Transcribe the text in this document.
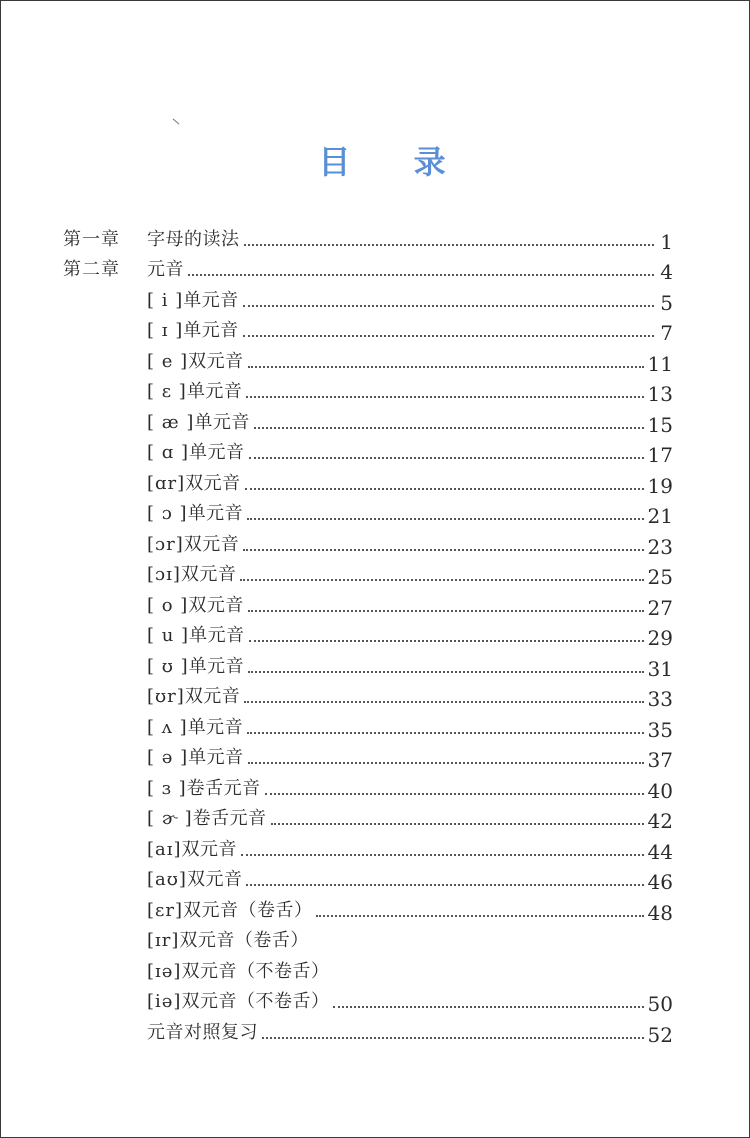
目 录
第一章 字母的读法	1
第二章 元音	4
[ i ] 单元音	5
[ ɪ ] 单元音	7
[ e ] 双元音	11
[ ɛ ] 单元音	13
[ æ ] 单元音	15
[ ɑ ] 单元音	17
[ɑr] 双元音	19
[ ɔ ] 单元音	21
[ɔr] 双元音	23
[ɔɪ] 双元音	25
[ o ] 双元音	27
[ u ] 单元音	29
[ ʊ ] 单元音	31
[ʊr] 双元音	33
[ ʌ ] 单元音	35
[ ə ] 单元音	37
[ ɜ ] 卷舌元音	40
[ ɚ ] 卷舌元音	42
[aɪ] 双元音	44
[aʊ] 双元音	46
[ɛr] 双元音（卷舌）	48
[ɪr] 双元音（卷舌）
[ɪə] 双元音（不卷舌）
[iə] 双元音（不卷舌）	50
元音对照复习	52
